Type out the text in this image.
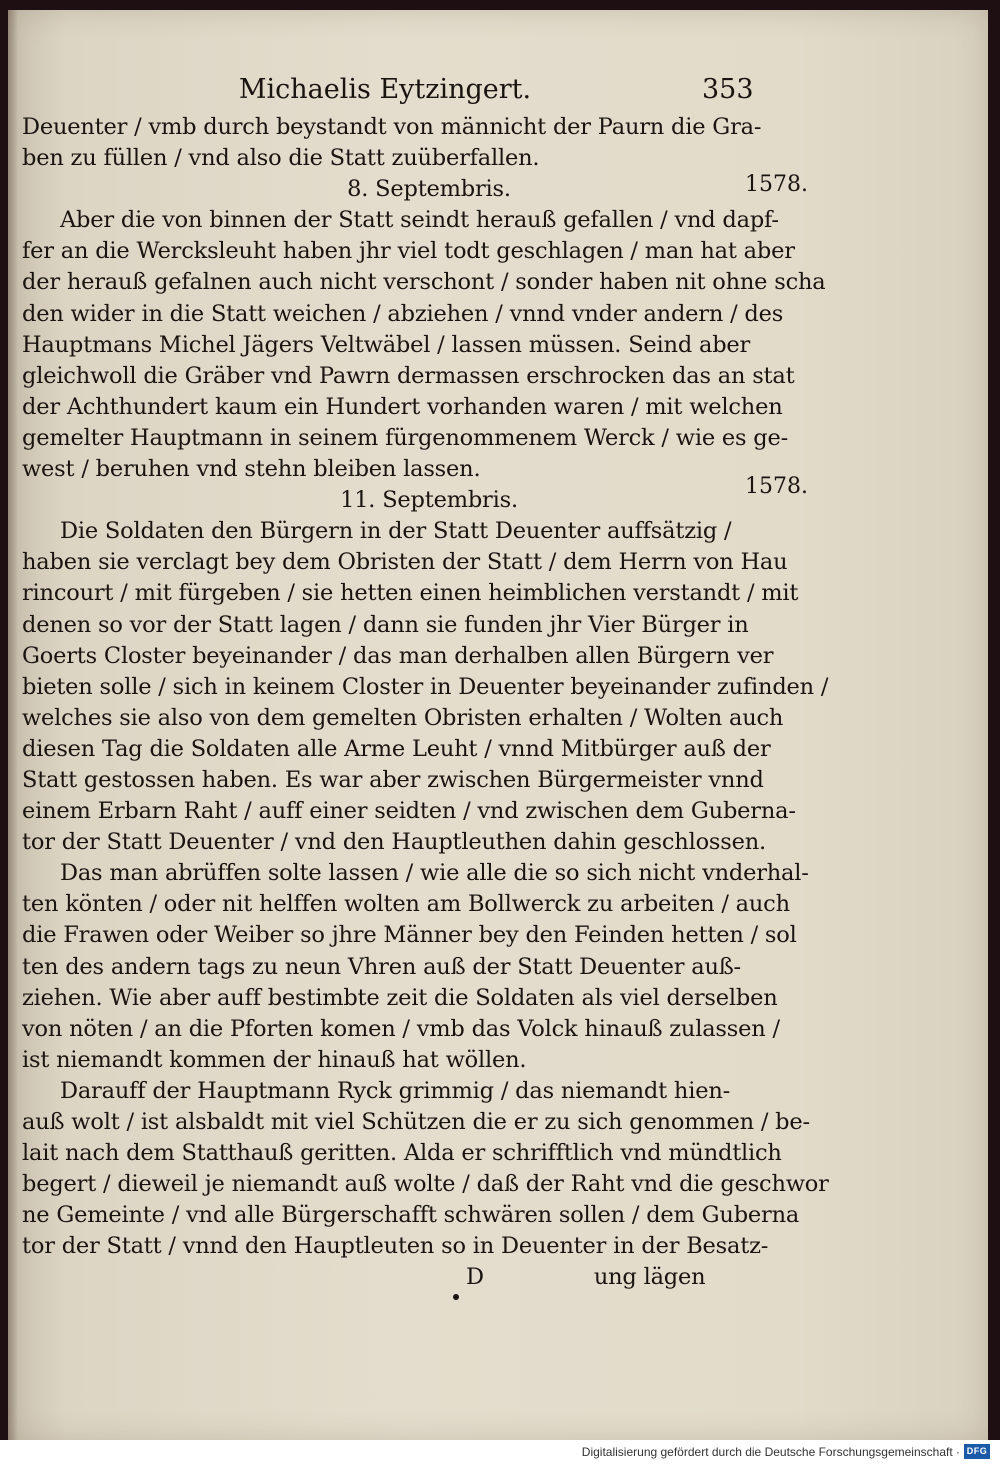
Michaelis Eytzingert.	353
1578.
1578.
Deuenter / vmb durch beystandt von männicht der Paurn die Gra-
ben zu füllen / vnd also die Statt zuüberfallen.
8. Septembris.
Aber die von binnen der Statt seindt herauß gefallen / vnd dapf-
fer an die Wercksleuht haben jhr viel todt geschlagen / man hat aber
der herauß gefalnen auch nicht verschont / sonder haben nit ohne scha
den wider in die Statt weichen / abziehen / vnnd vnder andern / des
Hauptmans Michel Jägers Veltwäbel / lassen müssen. Seind aber
gleichwoll die Gräber vnd Pawrn dermassen erschrocken das an stat
der Achthundert kaum ein Hundert vorhanden waren / mit welchen
gemelter Hauptmann in seinem fürgenommenem Werck / wie es ge-
west / beruhen vnd stehn bleiben lassen.
11. Septembris.
Die Soldaten den Bürgern in der Statt Deuenter auffsätzig /
haben sie verclagt bey dem Obristen der Statt / dem Herrn von Hau
rincourt / mit fürgeben / sie hetten einen heimblichen verstandt / mit
denen so vor der Statt lagen / dann sie funden jhr Vier Bürger in
Goerts Closter beyeinander / das man derhalben allen Bürgern ver
bieten solle / sich in keinem Closter in Deuenter beyeinander zufinden /
welches sie also von dem gemelten Obristen erhalten / Wolten auch
diesen Tag die Soldaten alle Arme Leuht / vnnd Mitbürger auß der
Statt gestossen haben. Es war aber zwischen Bürgermeister vnnd
einem Erbarn Raht / auff einer seidten / vnd zwischen dem Guberna-
tor der Statt Deuenter / vnd den Hauptleuthen dahin geschlossen.
Das man abrüffen solte lassen / wie alle die so sich nicht vnderhal-
ten könten / oder nit helffen wolten am Bollwerck zu arbeiten / auch
die Frawen oder Weiber so jhre Männer bey den Feinden hetten / sol
ten des andern tags zu neun Vhren auß der Statt Deuenter auß-
ziehen. Wie aber auff bestimbte zeit die Soldaten als viel derselben
von nöten / an die Pforten komen / vmb das Volck hinauß zulassen /
ist niemandt kommen der hinauß hat wöllen.
Darauff der Hauptmann Ryck grimmig / das niemandt hien-
auß wolt / ist alsbaldt mit viel Schützen die er zu sich genommen / be-
lait nach dem Statthauß geritten. Alda er schrifftlich vnd mündtlich
begert / dieweil je niemandt auß wolte / daß der Raht vnd die geschwor
ne Gemeinte / vnd alle Bürgerschafft schwären sollen / dem Guberna
tor der Statt / vnnd den Hauptleuten so in Deuenter in der Besatz-
D	ung lägen
Digitalisierung gefördert durch die Deutsche Forschungsgemeinschaft · DFG
